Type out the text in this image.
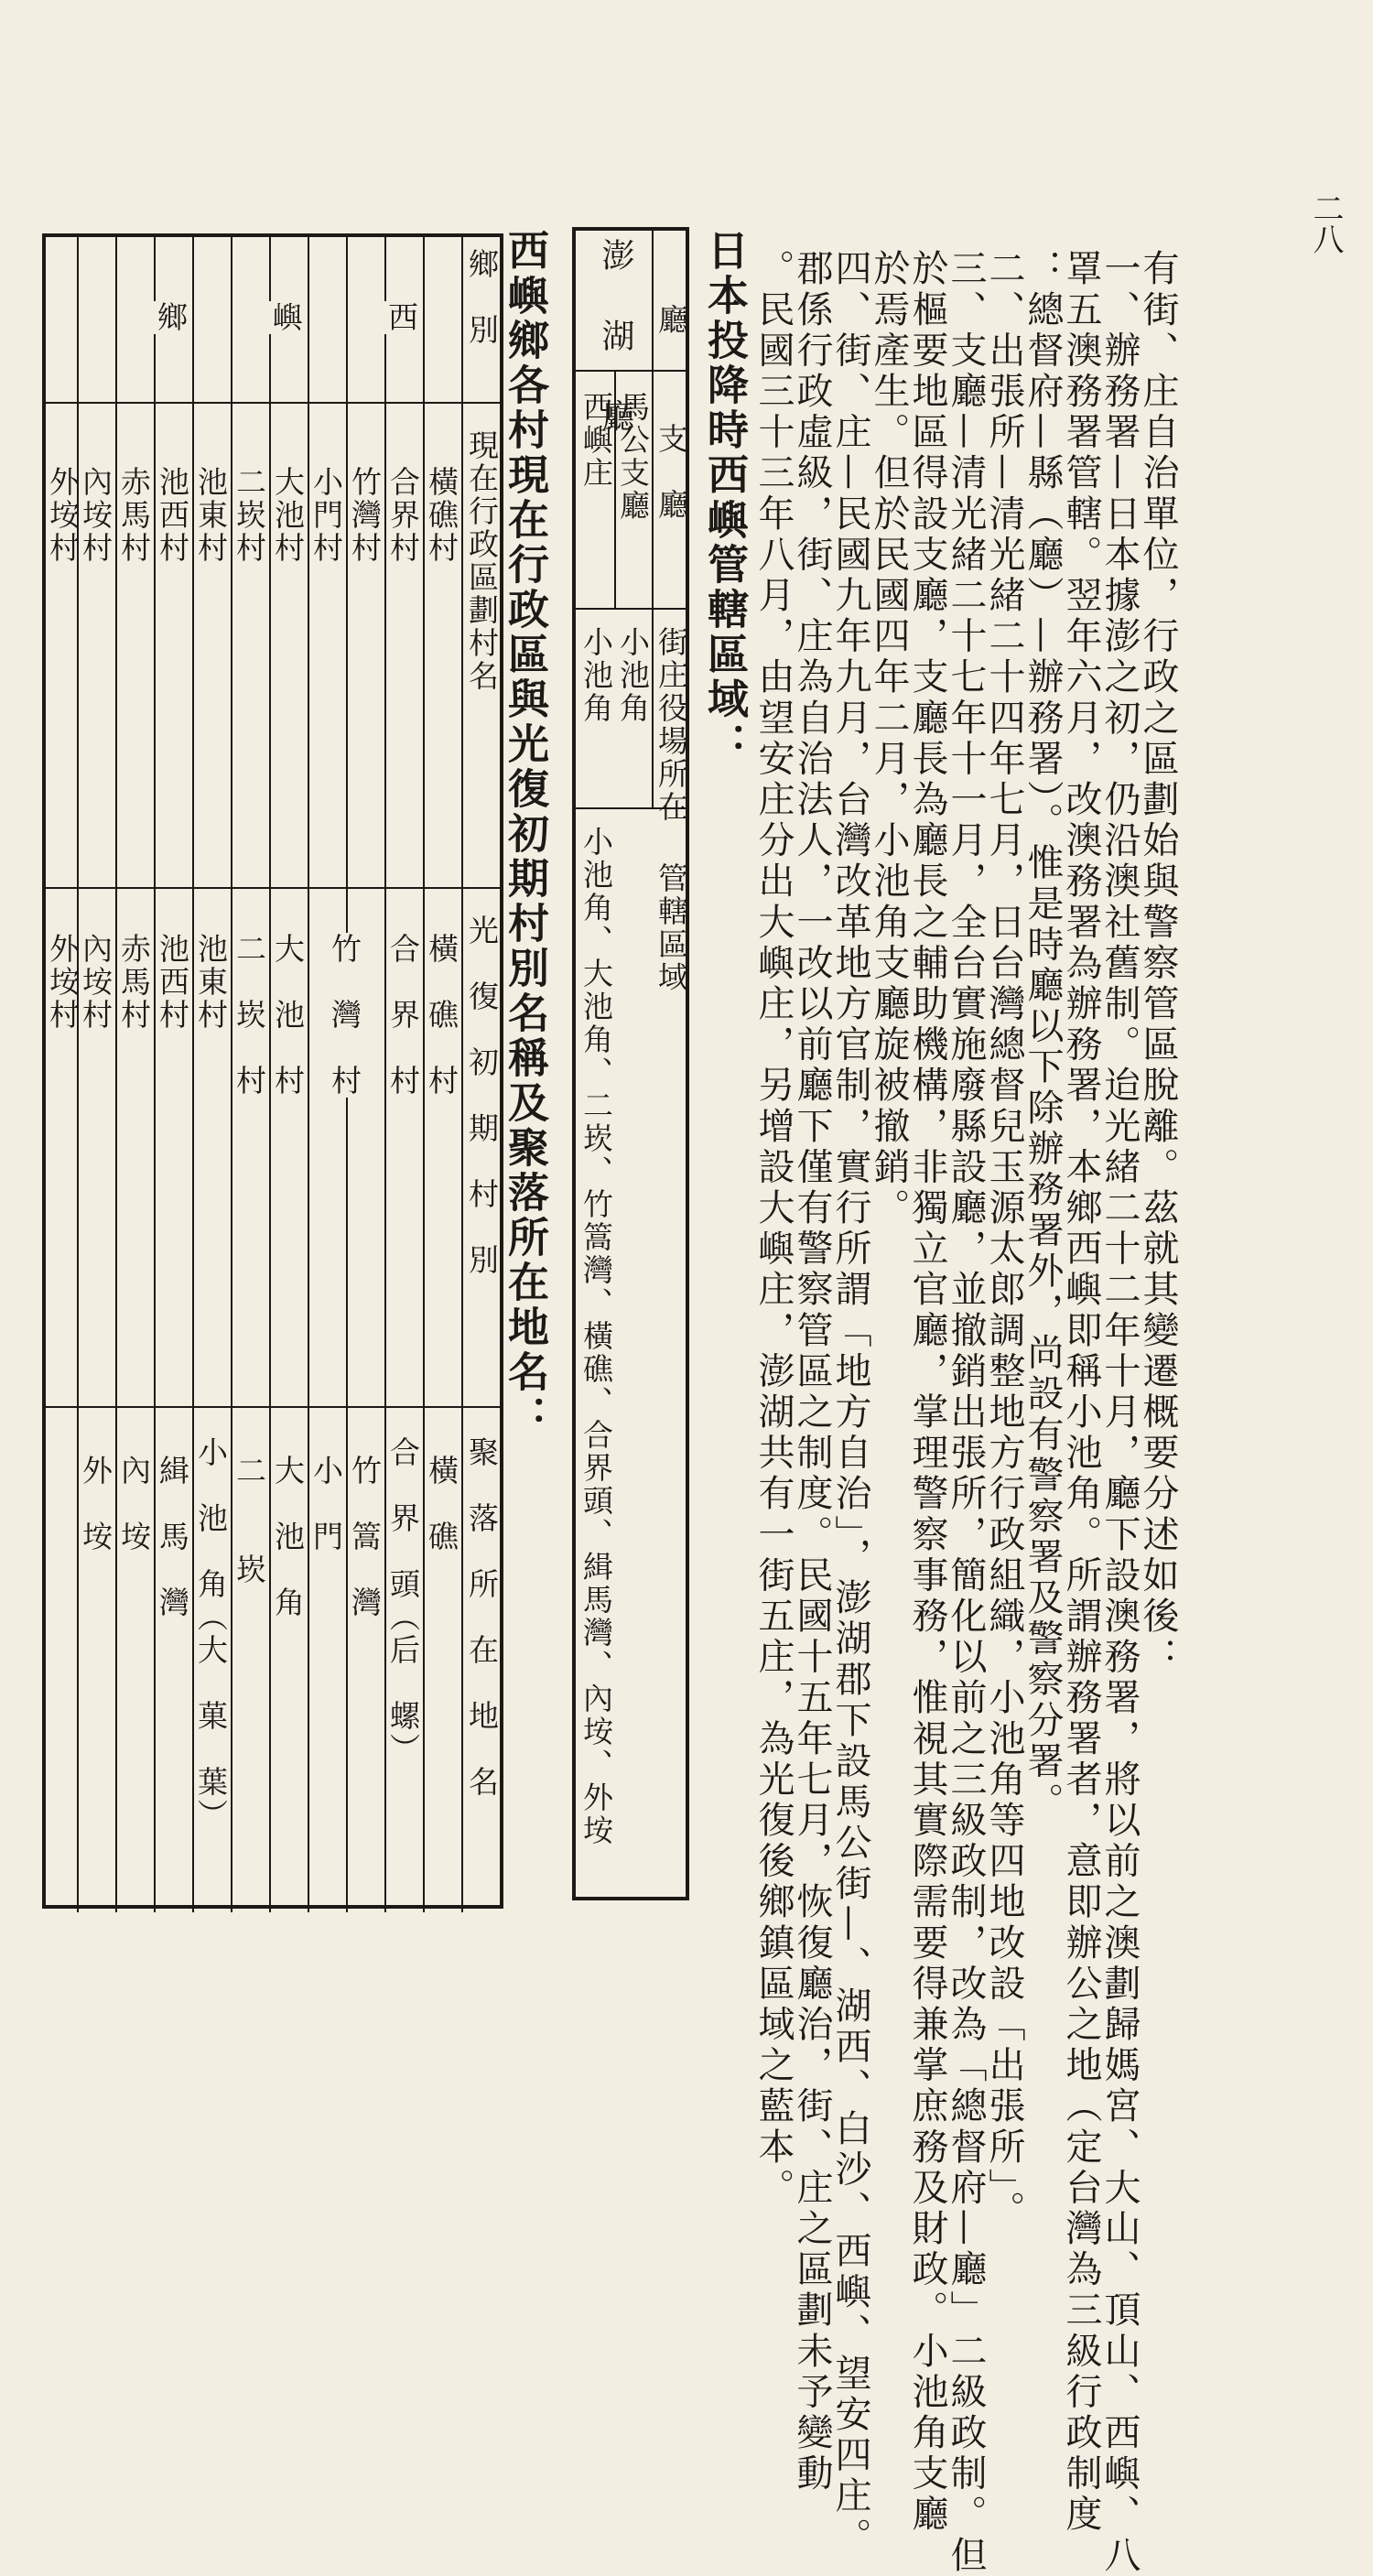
二八
有街、庄自治單位，行政之區劃始與警察管區脫離。茲就其變遷概要分述如後：
一、辦務署—日本據澎之初，仍沿澳社舊制。迨光緒二十二年十月，廳下設澳務署，將以前之澳劃歸媽宮、大山、頂山、西嶼、八
罩五澳務署管轄。翌年六月，改澳務署為辦務署，本鄉西嶼即稱小池角。所謂辦務署者，意即辦公之地（定台灣為三級行政制度
：總督府—縣（廳）—辦務署）。惟是時廳以下除辦務署外，尚設有警察署及警察分署。
二、出張所—清光緒二十四年七月，日台灣總督兒玉源太郎調整地方行政組織，小池角等四地改設「出張所」。
三、支廳—清光緒二十七年十一月，全台實施廢縣設廳，並撤銷出張所，簡化以前之三級政制，改為「總督府—廳」二級政制。但
於樞要地區得設支廳，支廳長為廳長之輔助機構，非獨立官廳，掌理警察事務，惟視其實際需要得兼掌庶務及財政。小池角支廳
於焉產生。但於民國四年二月，小池角支廳旋被撤銷。
四、街、庄—民國九年九月，台灣改革地方官制，實行所謂「地方自治」，澎湖郡下設馬公街—、湖西、白沙、西嶼、望安四庄。
郡係行政虛級，街、庄為自治法人，一改以前廳下僅有警察管區之制度。民國十五年七月，恢復廳治，街、庄之區劃未予變動
。民國三十三年八月，由望安庄分出大嶼庄，另增設大嶼庄，澎湖共有一街五庄，為光復後鄉鎮區域之藍本。
日本投降時西嶼管轄區域：
廳
支　廳
街庄役場所在
管轄區域
澎　湖　廳
馬公支廳
西嶼庄
小池角
小池角
小池角、大池角、二崁、竹篙灣、橫礁、合界頭、緝馬灣、內垵、外垵
西嶼鄉各村現在行政區與光復初期村別名稱及聚落所在地名：
鄉　別
現在行政區劃村名
光　復　初　期　村　別
聚　落　所　在　地　名
西
嶼
鄉
橫礁村
合界村
竹灣村
小門村
大池村
二崁村
池東村
池西村
赤馬村
內垵村
外垵村
橫　礁　村
合　界　村
竹　灣　村
大　池　村
二　崁　村
池東村
池西村
赤馬村
內垵村
外垵村
橫　礁
合　界　頭（后　螺）
竹　篙　灣
小　門
大　池　角
二　　崁
小　池　角（大　菓　葉）
緝　馬　灣
內　垵
外　垵
